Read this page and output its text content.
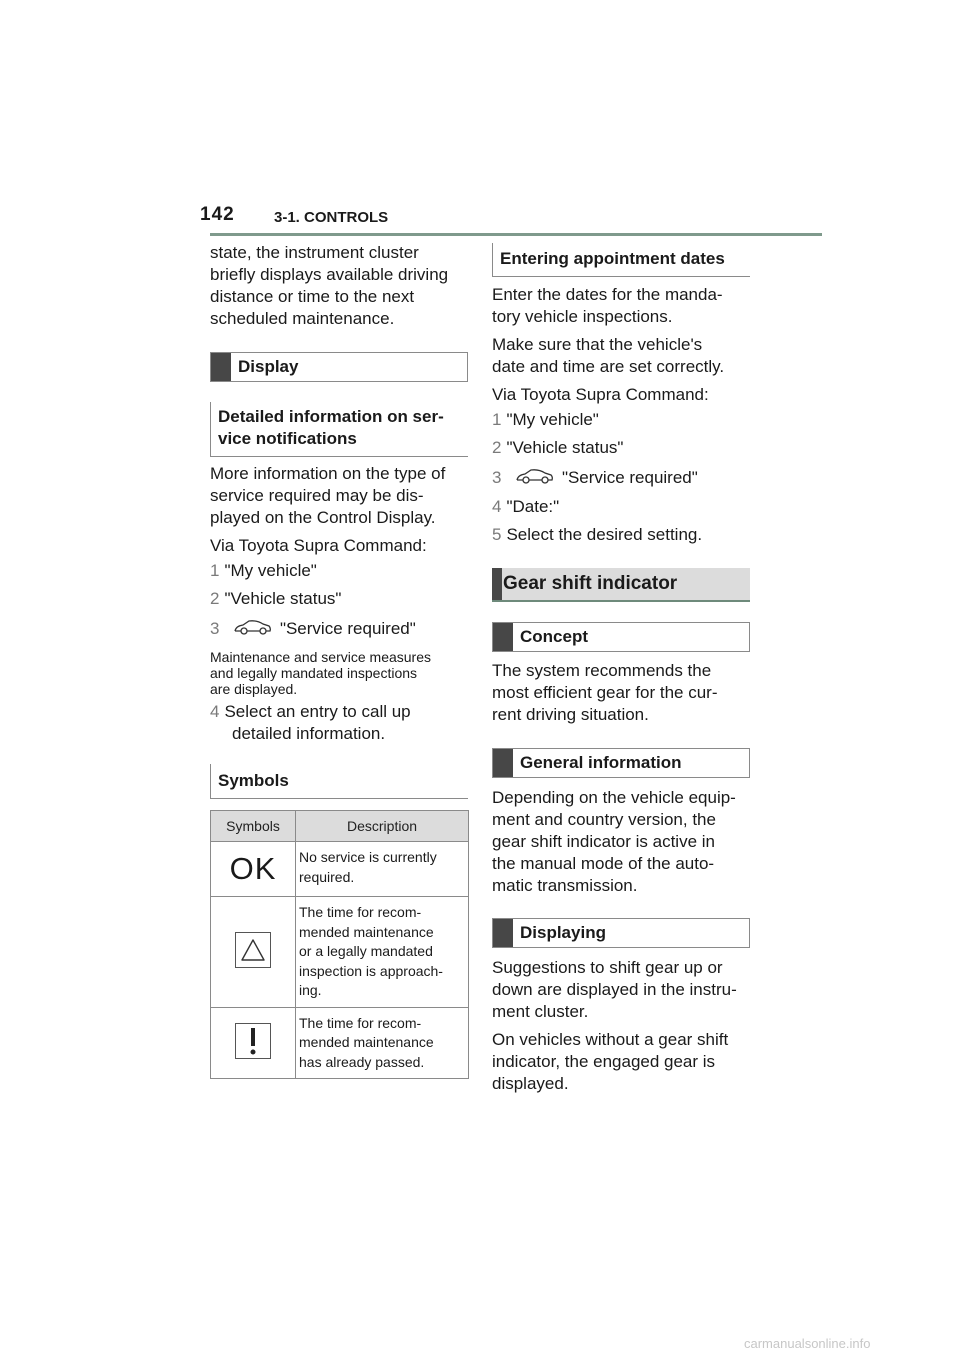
142	3-1. CONTROLS
state, the instrument cluster
briefly displays available driving
distance or time to the next
scheduled maintenance.
Display
Detailed information on ser-
vice notifications
More information on the type of
service required may be dis-
played on the Control Display.
Via Toyota Supra Command:
1 "My vehicle"
2 "Vehicle status"
3	"Service required"
Maintenance and service measures
and legally mandated inspections
are displayed.
4 Select an entry to call up
detailed information.
Symbols
Symbols	Description

OK	No service is currently
required.

The time for recom-
mended maintenance
or a legally mandated
inspection is approach-
ing.

The time for recom-
mended maintenance
has already passed.
Entering appointment dates
Enter the dates for the manda-
tory vehicle inspections.
Make sure that the vehicle's
date and time are set correctly.
Via Toyota Supra Command:
1 "My vehicle"
2 "Vehicle status"
3	"Service required"
4 "Date:"
5 Select the desired setting.
Gear shift indicator
Concept
The system recommends the
most efficient gear for the cur-
rent driving situation.
General information
Depending on the vehicle equip-
ment and country version, the
gear shift indicator is active in
the manual mode of the auto-
matic transmission.
Displaying
Suggestions to shift gear up or
down are displayed in the instru-
ment cluster.
On vehicles without a gear shift
indicator, the engaged gear is
displayed.
carmanualsonline.info
